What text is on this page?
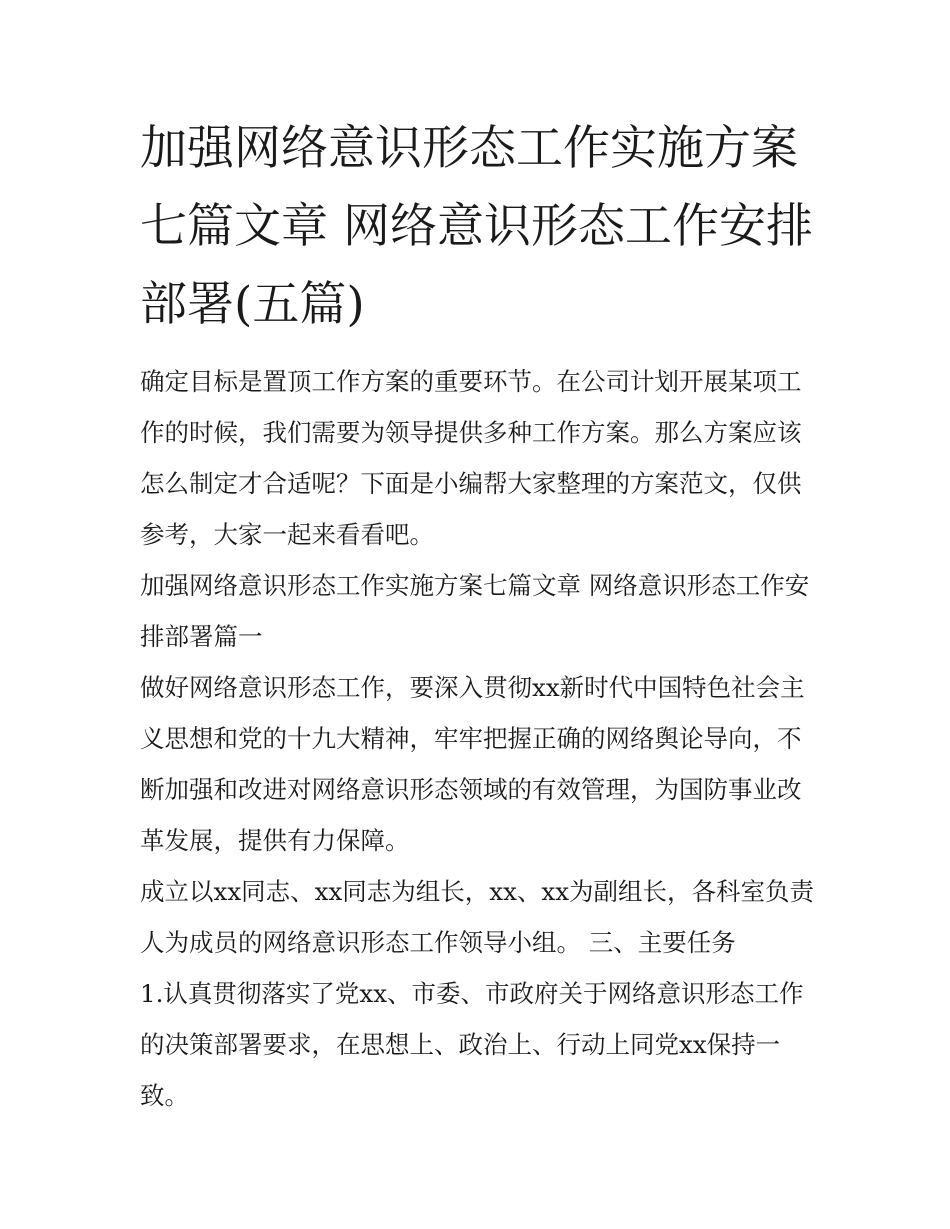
加强网络意识形态工作实施方案七篇文章 网络意识形态工作安排部署(五篇)

确定目标是置顶工作方案的重要环节。在公司计划开展某项工作的时候，我们需要为领导提供多种工作方案。那么方案应该怎么制定才合适呢？下面是小编帮大家整理的方案范文，仅供参考，大家一起来看看吧。

加强网络意识形态工作实施方案七篇文章 网络意识形态工作安排部署篇一

做好网络意识形态工作，要深入贯彻xx新时代中国特色社会主义思想和党的十九大精神，牢牢把握正确的网络舆论导向，不断加强和改进对网络意识形态领域的有效管理，为国防事业改革发展，提供有力保障。

成立以xx同志、xx同志为组长，xx、xx为副组长，各科室负责人为成员的网络意识形态工作领导小组。 三、主要任务

1.认真贯彻落实了党xx、市委、市政府关于网络意识形态工作的决策部署要求，在思想上、政治上、行动上同党xx保持一致。
